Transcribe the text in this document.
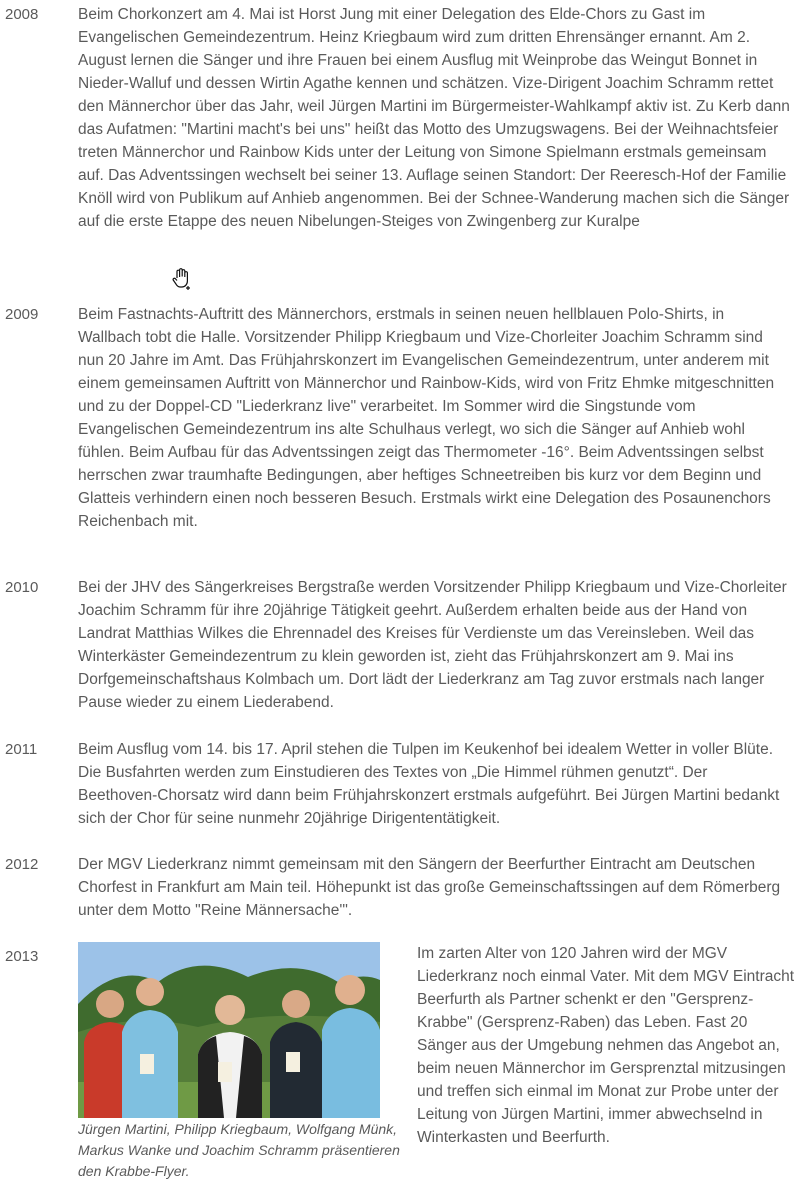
2008	Beim Chorkonzert am 4. Mai ist Horst Jung mit einer Delegation des Elde-Chors zu Gast im Evangelischen Gemeindezentrum. Heinz Kriegbaum wird zum dritten Ehrensänger ernannt. Am 2. August lernen die Sänger und ihre Frauen bei einem Ausflug mit Weinprobe das Weingut Bonnet in Nieder-Walluf und dessen Wirtin Agathe kennen und schätzen. Vize-Dirigent Joachim Schramm rettet den Männerchor über das Jahr, weil Jürgen Martini im Bürgermeister-Wahlkampf aktiv ist. Zu Kerb dann das Aufatmen: "Martini macht's bei uns" heißt das Motto des Umzugswagens. Bei der Weihnachtsfeier treten Männerchor und Rainbow Kids unter der Leitung von Simone Spielmann erstmals gemeinsam auf. Das Adventssingen wechselt bei seiner 13. Auflage seinen Standort: Der Reeresch-Hof der Familie Knöll wird von Publikum auf Anhieb angenommen. Bei der Schnee-Wanderung machen sich die Sänger auf die erste Etappe des neuen Nibelungen-Steiges von Zwingenberg zur Kuralpe

2009	Beim Fastnachts-Auftritt des Männerchors, erstmals in seinen neuen hellblauen Polo-Shirts, in Wallbach tobt die Halle. Vorsitzender Philipp Kriegbaum und Vize-Chorleiter Joachim Schramm sind nun 20 Jahre im Amt. Das Frühjahrskonzert im Evangelischen Gemeindezentrum, unter anderem mit einem gemeinsamen Auftritt von Männerchor und Rainbow-Kids, wird von Fritz Ehmke mitgeschnitten und zu der Doppel-CD "Liederkranz live" verarbeitet. Im Sommer wird die Singstunde vom Evangelischen Gemeindezentrum ins alte Schulhaus verlegt, wo sich die Sänger auf Anhieb wohl fühlen. Beim Aufbau für das Adventssingen zeigt das Thermometer -16°. Beim Adventssingen selbst herrschen zwar traumhafte Bedingungen, aber heftiges Schneetreiben bis kurz vor dem Beginn und Glatteis verhindern einen noch besseren Besuch. Erstmals wirkt eine Delegation des Posaunenchors Reichenbach mit.

2010	Bei der JHV des Sängerkreises Bergstraße werden Vorsitzender Philipp Kriegbaum und Vize-Chorleiter Joachim Schramm für ihre 20jährige Tätigkeit geehrt. Außerdem erhalten beide aus der Hand von Landrat Matthias Wilkes die Ehrennadel des Kreises für Verdienste um das Vereinsleben. Weil das Winterkäster Gemeindezentrum zu klein geworden ist, zieht das Frühjahrskonzert am 9. Mai ins Dorfgemeinschaftshaus Kolmbach um. Dort lädt der Liederkranz am Tag zuvor erstmals nach langer Pause wieder zu einem Liederabend.

2011	Beim Ausflug vom 14. bis 17. April stehen die Tulpen im Keukenhof bei idealem Wetter in voller Blüte. Die Busfahrten werden zum Einstudieren des Textes von „Die Himmel rühmen genutzt“. Der Beethoven-Chorsatz wird dann beim Frühjahrskonzert erstmals aufgeführt. Bei Jürgen Martini bedankt sich der Chor für seine nunmehr 20jährige Dirigententätigkeit.

2012	Der MGV Liederkranz nimmt gemeinsam mit den Sängern der Beerfurther Eintracht am Deutschen Chorfest in Frankfurt am Main teil. Höhepunkt ist das große Gemeinschaftssingen auf dem Römerberg unter dem Motto "Reine Männersache'".

2013

Jürgen Martini, Philipp Kriegbaum, Wolfgang Münk, Markus Wanke und Joachim Schramm präsentieren den Krabbe-Flyer.

Im zarten Alter von 120 Jahren wird der MGV Liederkranz noch einmal Vater. Mit dem MGV Eintracht Beerfurth als Partner schenkt er den "Gersprenz-Krabbe" (Gersprenz-Raben) das Leben. Fast 20 Sänger aus der Umgebung nehmen das Angebot an, beim neuen Männerchor im Gersprenztal mitzusingen und treffen sich einmal im Monat zur Probe unter der Leitung von Jürgen Martini, immer abwechselnd in Winterkasten und Beerfurth.
